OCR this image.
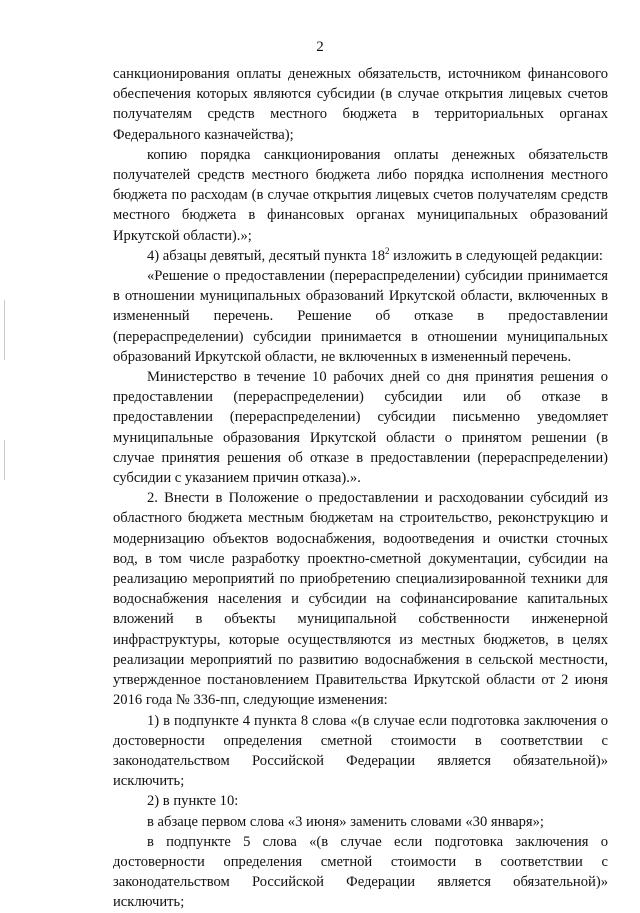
2

санкционирования оплаты денежных обязательств, источником финансового обеспечения которых являются субсидии (в случае открытия лицевых счетов получателям средств местного бюджета в территориальных органах Федерального казначейства);

копию порядка санкционирования оплаты денежных обязательств получателей средств местного бюджета либо порядка исполнения местного бюджета по расходам (в случае открытия лицевых счетов получателям средств местного бюджета в финансовых органах муниципальных образований Иркутской области).»;

4) абзацы девятый, десятый пункта $18^2$ изложить в следующей редакции:

«Решение о предоставлении (перераспределении) субсидии принимается в отношении муниципальных образований Иркутской области, включенных в измененный перечень. Решение об отказе в предоставлении (перераспределении) субсидии принимается в отношении муниципальных образований Иркутской области, не включенных в измененный перечень.

Министерство в течение 10 рабочих дней со дня принятия решения о предоставлении (перераспределении) субсидии или об отказе в предоставлении (перераспределении) субсидии письменно уведомляет муниципальные образования Иркутской области о принятом решении (в случае принятия решения об отказе в предоставлении (перераспределении) субсидии с указанием причин отказа).».

2. Внести в Положение о предоставлении и расходовании субсидий из областного бюджета местным бюджетам на строительство, реконструкцию и модернизацию объектов водоснабжения, водоотведения и очистки сточных вод, в том числе разработку проектно-сметной документации, субсидии на реализацию мероприятий по приобретению специализированной техники для водоснабжения населения и субсидии на софинансирование капитальных вложений в объекты муниципальной собственности инженерной инфраструктуры, которые осуществляются из местных бюджетов, в целях реализации мероприятий по развитию водоснабжения в сельской местности, утвержденное постановлением Правительства Иркутской области от 2 июня 2016 года № 336-пп, следующие изменения:

1) в подпункте 4 пункта 8 слова «(в случае если подготовка заключения о достоверности определения сметной стоимости в соответствии с законодательством Российской Федерации является обязательной)» исключить;

2) в пункте 10:

в абзаце первом слова «3 июня» заменить словами «30 января»;

в подпункте 5 слова «(в случае если подготовка заключения о достоверности определения сметной стоимости в соответствии с законодательством Российской Федерации является обязательной)» исключить;
